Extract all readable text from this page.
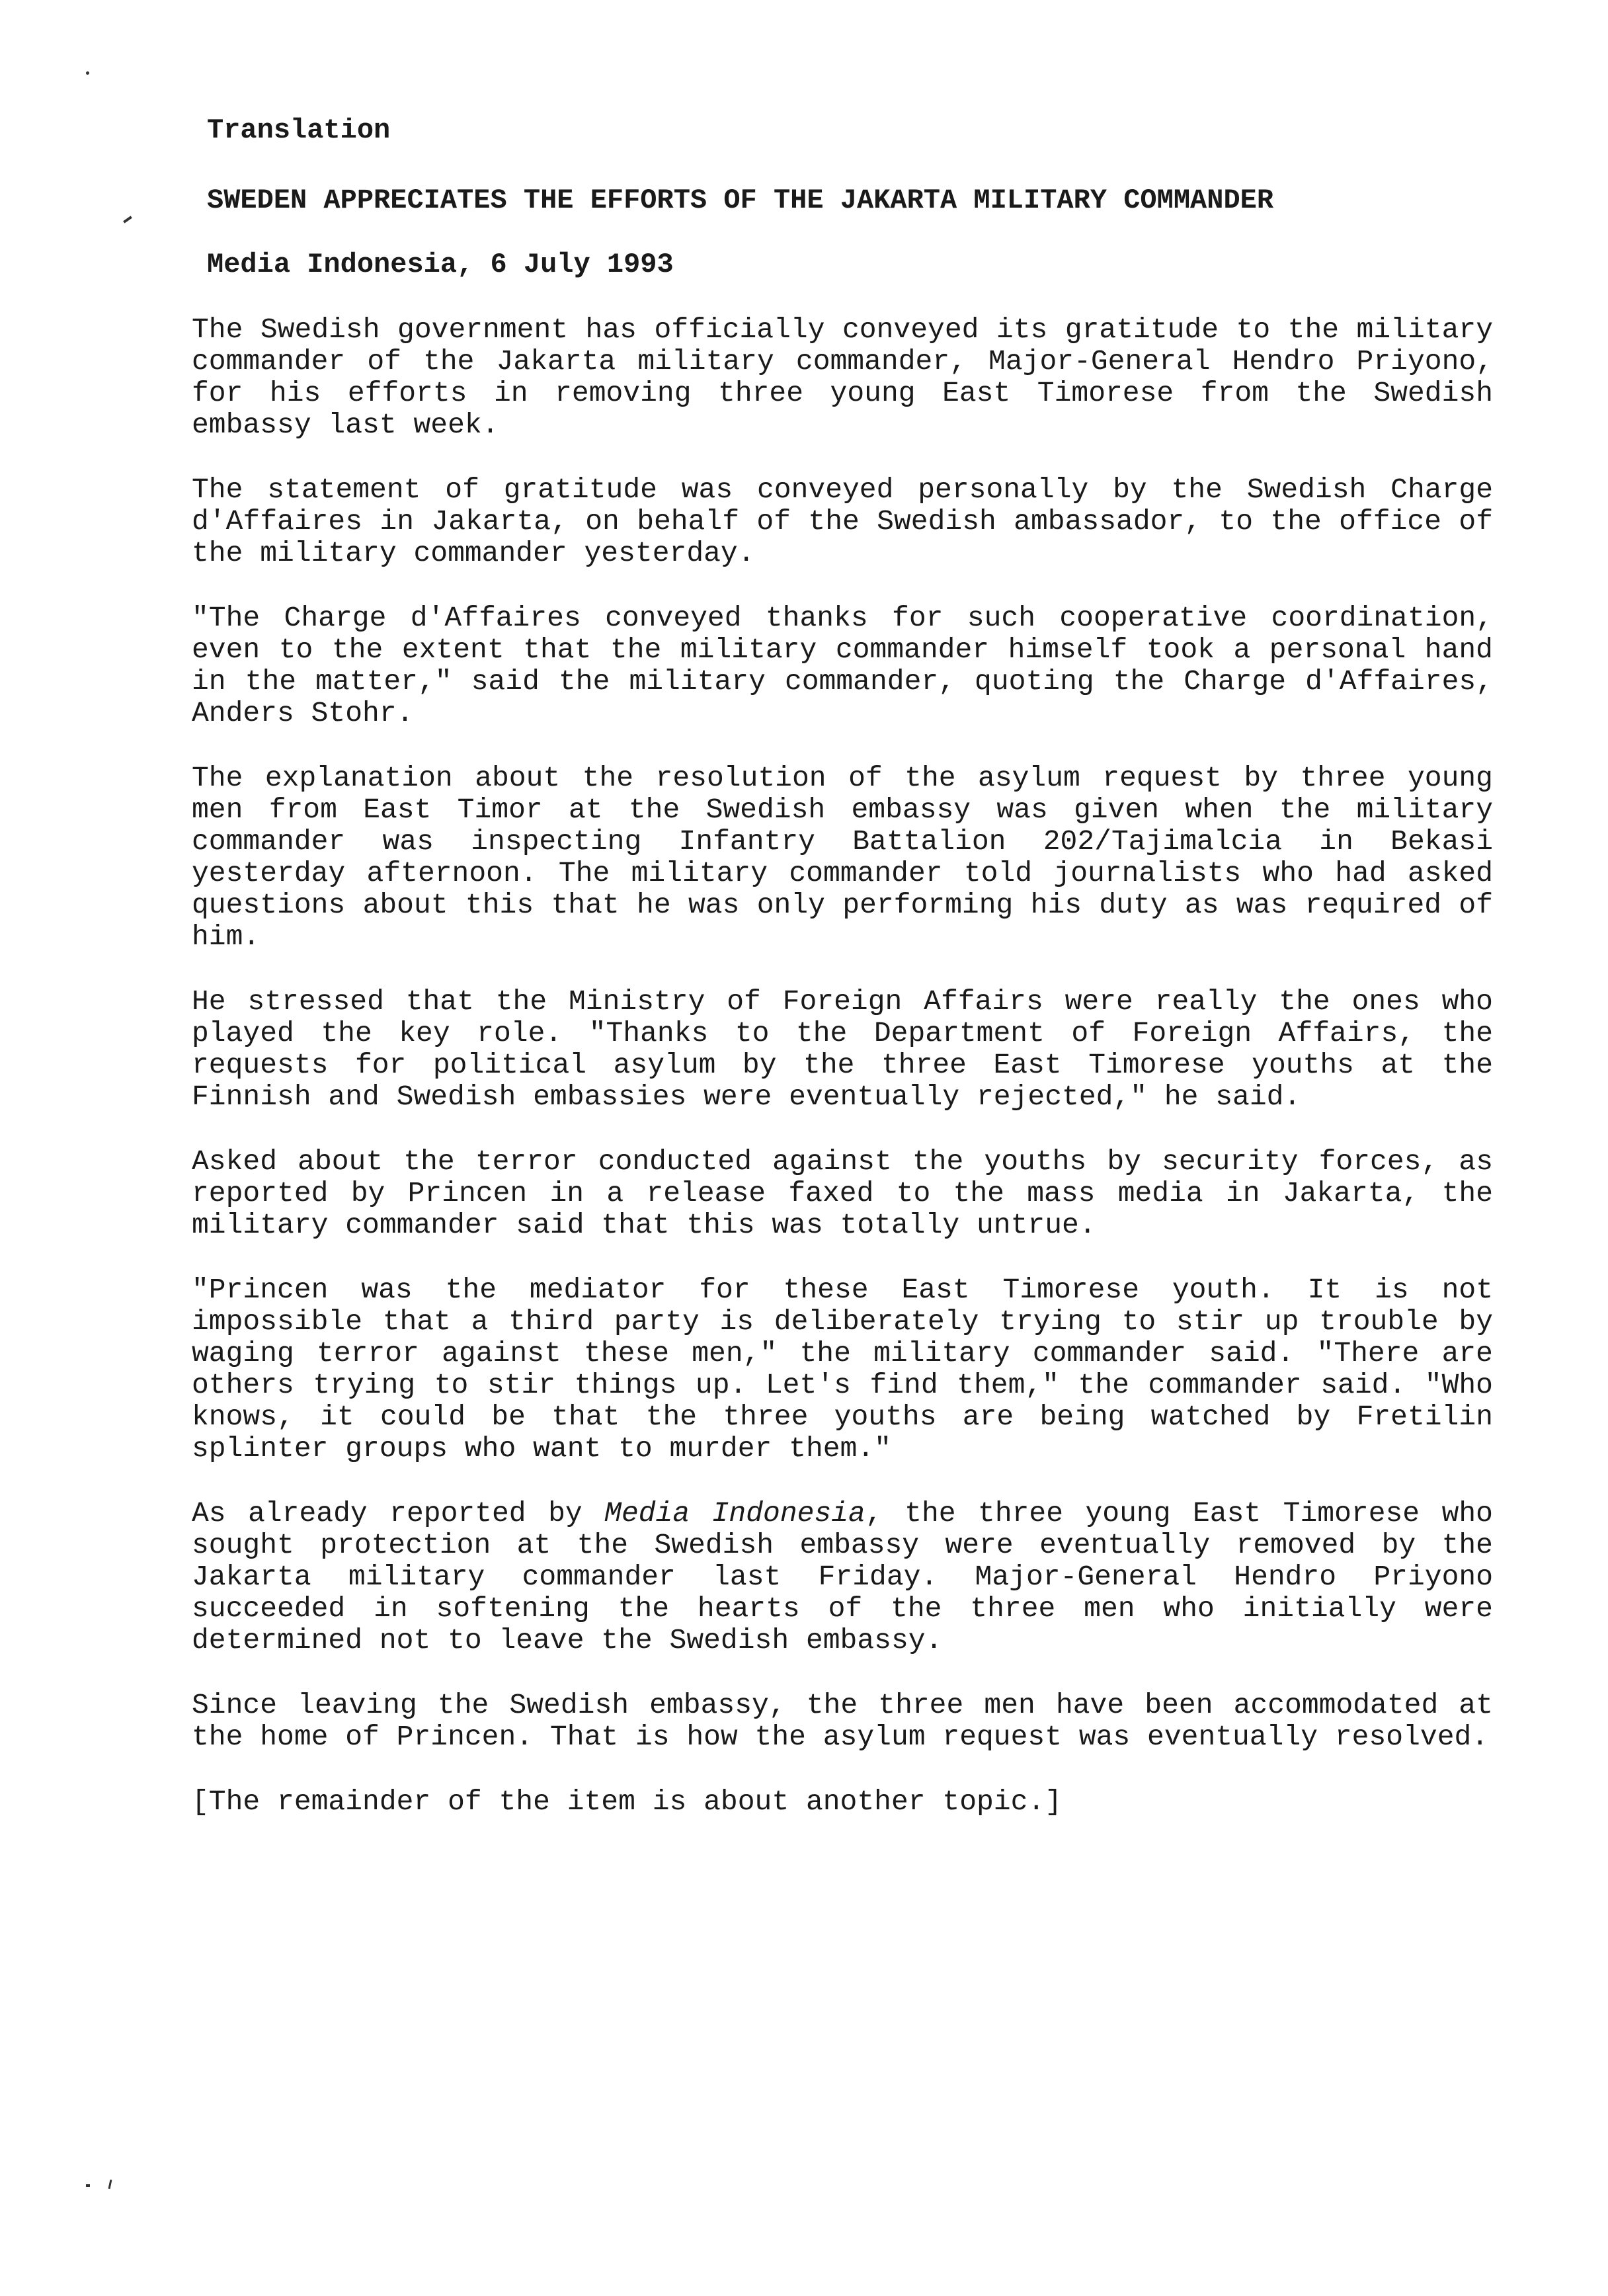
Translation
SWEDEN APPRECIATES THE EFFORTS OF THE JAKARTA MILITARY COMMANDER
Media Indonesia, 6 July 1993

The Swedish government has officially conveyed its gratitude to the military commander of the Jakarta military commander, Major-General Hendro Priyono, for his efforts in removing three young East Timorese from the Swedish embassy last week.

The statement of gratitude was conveyed personally by the Swedish Charge d'Affaires in Jakarta, on behalf of the Swedish ambassador, to the office of the military commander yesterday.

"The Charge d'Affaires conveyed thanks for such cooperative coordination, even to the extent that the military commander himself took a personal hand in the matter," said the military commander, quoting the Charge d'Affaires, Anders Stohr.

The explanation about the resolution of the asylum request by three young men from East Timor at the Swedish embassy was given when the military commander was inspecting Infantry Battalion 202/Tajimalcia in Bekasi yesterday afternoon. The military commander told journalists who had asked questions about this that he was only performing his duty as was required of him.

He stressed that the Ministry of Foreign Affairs were really the ones who played the key role. "Thanks to the Department of Foreign Affairs, the requests for political asylum by the three East Timorese youths at the Finnish and Swedish embassies were eventually rejected," he said.

Asked about the terror conducted against the youths by security forces, as reported by Princen in a release faxed to the mass media in Jakarta, the military commander said that this was totally untrue.

"Princen was the mediator for these East Timorese youth. It is not impossible that a third party is deliberately trying to stir up trouble by waging terror against these men," the military commander said. "There are others trying to stir things up. Let's find them," the commander said. "Who knows, it could be that the three youths are being watched by Fretilin splinter groups who want to murder them."

As already reported by Media Indonesia, the three young East Timorese who sought protection at the Swedish embassy were eventually removed by the Jakarta military commander last Friday. Major-General Hendro Priyono succeeded in softening the hearts of the three men who initially were determined not to leave the Swedish embassy.

Since leaving the Swedish embassy, the three men have been accommodated at the home of Princen. That is how the asylum request was eventually resolved.

[The remainder of the item is about another topic.]
